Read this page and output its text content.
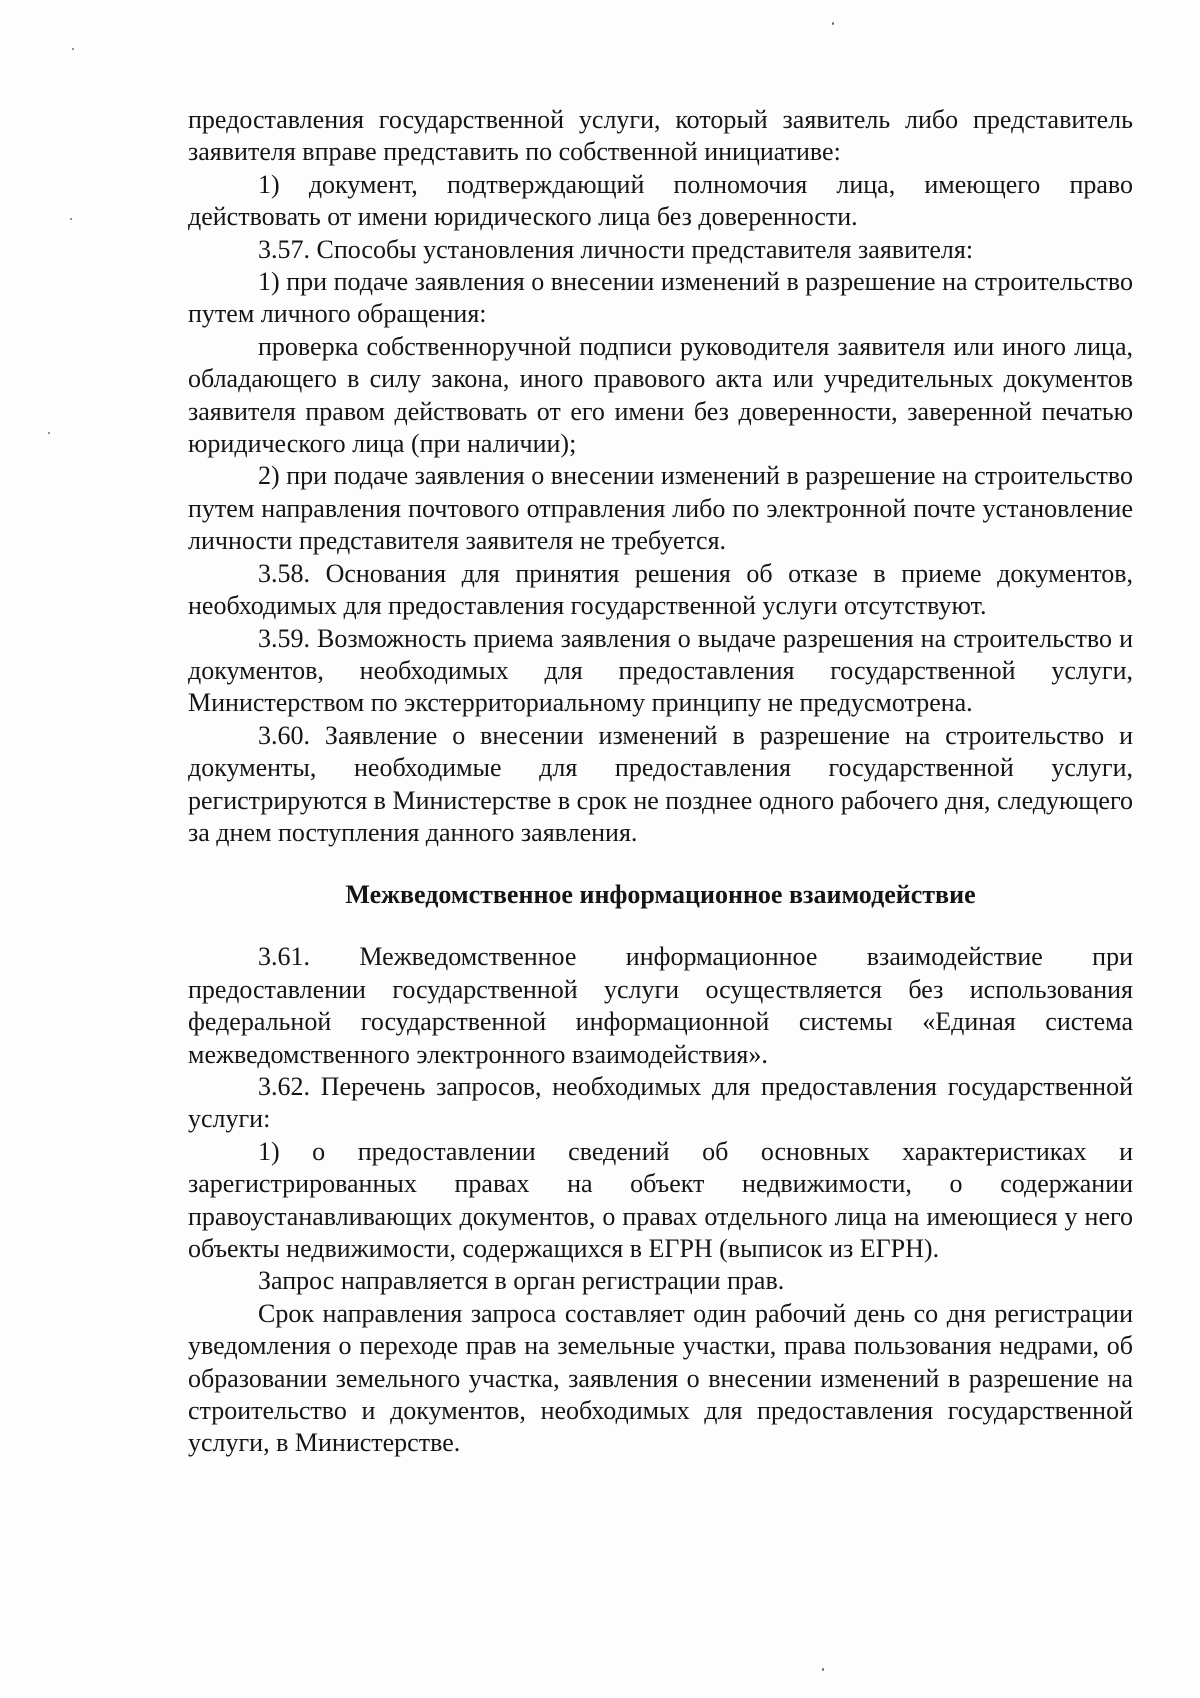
предоставления государственной услуги, который заявитель либо представитель заявителя вправе представить по собственной инициативе:

1) документ, подтверждающий полномочия лица, имеющего право действовать от имени юридического лица без доверенности.

3.57. Способы установления личности представителя заявителя:

1) при подаче заявления о внесении изменений в разрешение на строительство путем личного обращения:

проверка собственноручной подписи руководителя заявителя или иного лица, обладающего в силу закона, иного правового акта или учредительных документов заявителя правом действовать от его имени без доверенности, заверенной печатью юридического лица (при наличии);

2) при подаче заявления о внесении изменений в разрешение на строительство путем направления почтового отправления либо по электронной почте установление личности представителя заявителя не требуется.

3.58. Основания для принятия решения об отказе в приеме документов, необходимых для предоставления государственной услуги отсутствуют.

3.59. Возможность приема заявления о выдаче разрешения на строительство и документов, необходимых для предоставления государственной услуги, Министерством по экстерриториальному принципу не предусмотрена.

3.60. Заявление о внесении изменений в разрешение на строительство и документы, необходимые для предоставления государственной услуги, регистрируются в Министерстве в срок не позднее одного рабочего дня, следующего за днем поступления данного заявления.

Межведомственное информационное взаимодействие

3.61. Межведомственное информационное взаимодействие при предоставлении государственной услуги осуществляется без использования федеральной государственной информационной системы «Единая система межведомственного электронного взаимодействия».

3.62. Перечень запросов, необходимых для предоставления государственной услуги:

1) о предоставлении сведений об основных характеристиках и зарегистрированных правах на объект недвижимости, о содержании правоустанавливающих документов, о правах отдельного лица на имеющиеся у него объекты недвижимости, содержащихся в ЕГРН (выписок из ЕГРН).

Запрос направляется в орган регистрации прав.

Срок направления запроса составляет один рабочий день со дня регистрации уведомления о переходе прав на земельные участки, права пользования недрами, об образовании земельного участка, заявления о внесении изменений в разрешение на строительство и документов, необходимых для предоставления государственной услуги, в Министерстве.
